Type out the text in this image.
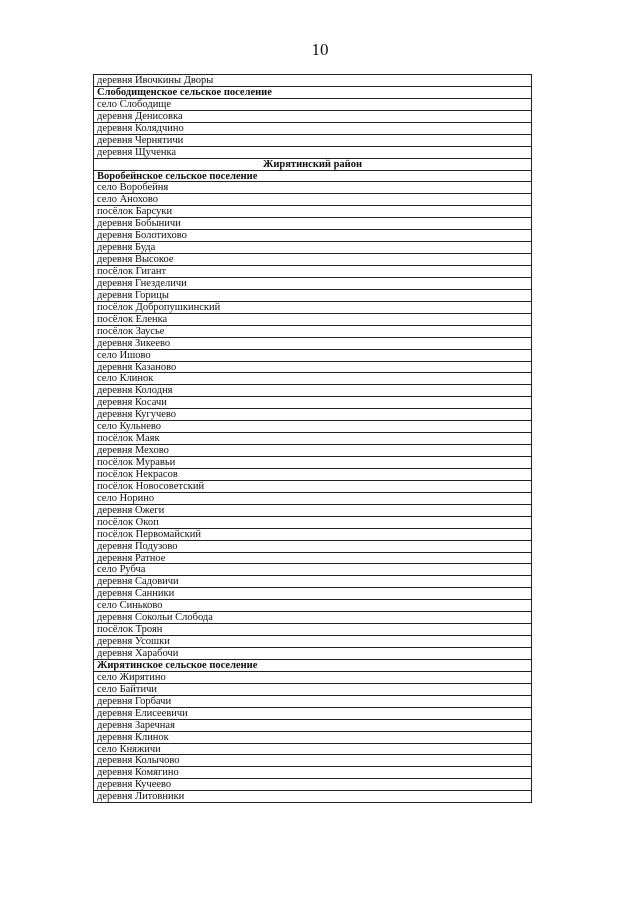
10
деревня Ивочкины Дворы
Слободищенское сельское поселение
село Слободище
деревня Денисовка
деревня Колядчино
деревня Чернятичи
деревня Щученка
Жирятинский район
Воробейнское сельское поселение
село Воробейня
село Анохово
посёлок Барсуки
деревня Бобыничи
деревня Болотихово
деревня Буда
деревня Высокое
посёлок Гигант
деревня Гнезделичи
деревня Горицы
посёлок Добропушкинский
посёлок Еленка
посёлок Заусье
деревня Зикеево
село Ишово
деревня Казаново
село Клинок
деревня Колодня
деревня Косачи
деревня Кугучево
село Кульнево
посёлок Маяк
деревня Мехово
посёлок Муравьи
посёлок Некрасов
посёлок Новосоветский
село Норино
деревня Ожеги
посёлок Окоп
посёлок Первомайский
деревня Подузово
деревня Ратное
село Рубча
деревня Садовичи
деревня Санники
село Синьково
деревня Сокольи Слобода
посёлок Троян
деревня Усошки
деревня Харабочи
Жирятинское сельское поселение
село Жирятино
село Байтичи
деревня Горбачи
деревня Елисеевичи
деревня Заречная
деревня Клинок
село Княжичи
деревня Колычово
деревня Комягино
деревня Кучеево
деревня Литовники
